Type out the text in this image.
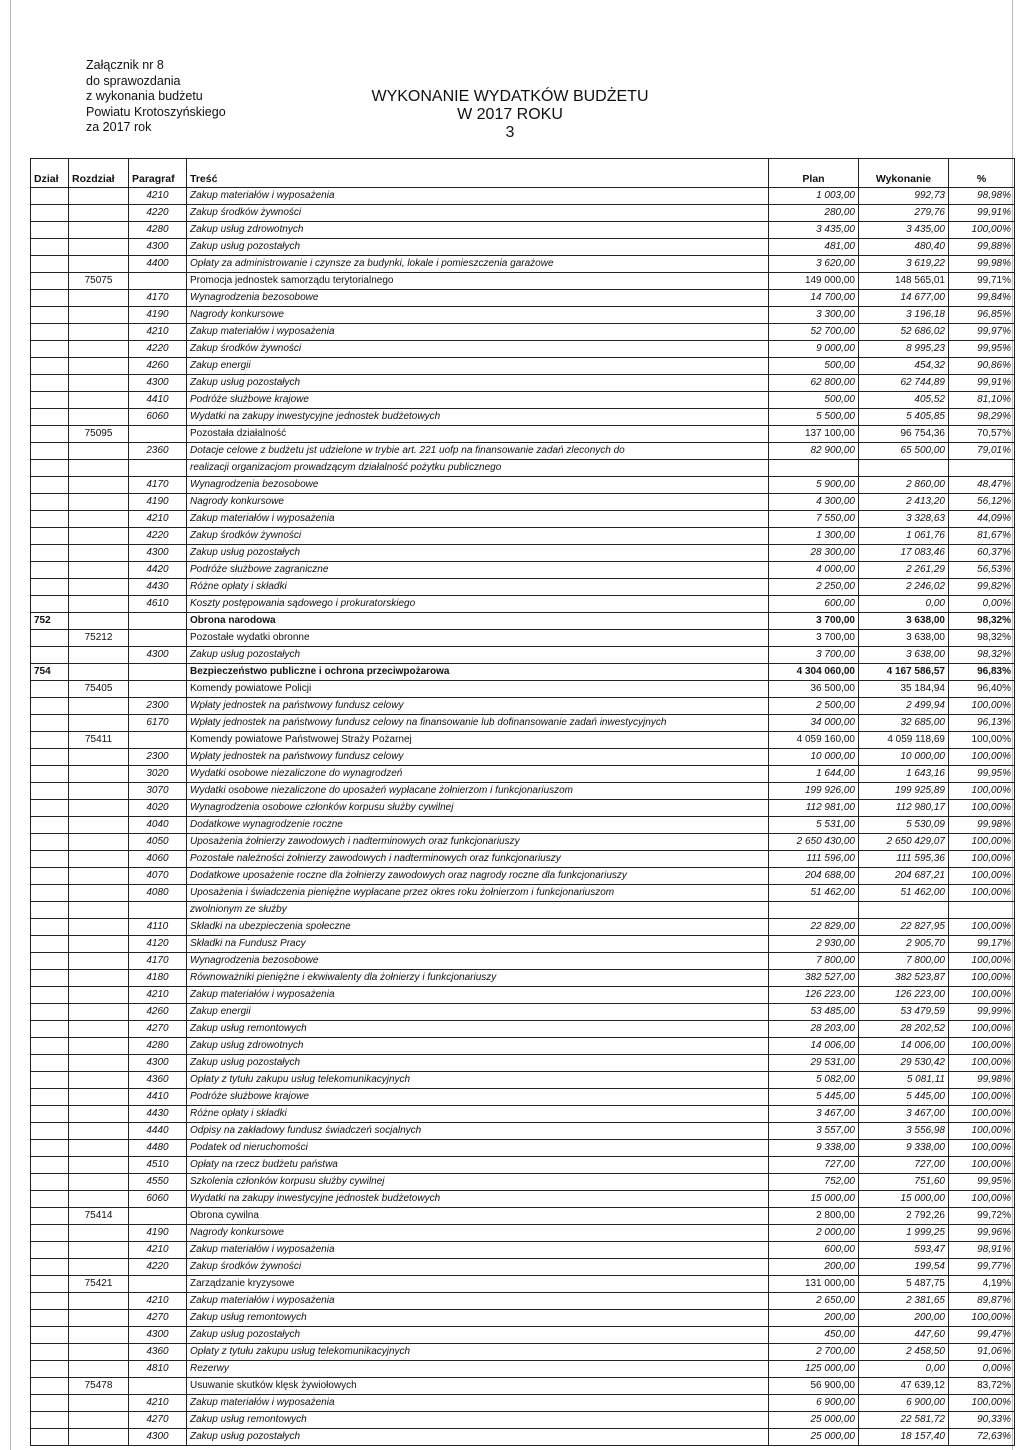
Załącznik nr 8
do sprawozdania
z wykonania budżetu
Powiatu Krotoszyńskiego
za 2017 rok
WYKONANIE WYDATKÓW BUDŻETU
W 2017 ROKU
3
Dział	Rozdział	Paragraf	Treść	Plan	Wykonanie	%
		4210	Zakup materiałów i wyposażenia	1 003,00	992,73	98,98%
		4220	Zakup środków żywności	280,00	279,76	99,91%
		4280	Zakup usług zdrowotnych	3 435,00	3 435,00	100,00%
		4300	Zakup usług pozostałych	481,00	480,40	99,88%
		4400	Opłaty za administrowanie i czynsze za budynki, lokale i pomieszczenia garażowe	3 620,00	3 619,22	99,98%
	75075		Promocja jednostek samorządu terytorialnego	149 000,00	148 565,01	99,71%
		4170	Wynagrodzenia bezosobowe	14 700,00	14 677,00	99,84%
		4190	Nagrody konkursowe	3 300,00	3 196,18	96,85%
		4210	Zakup materiałów i wyposażenia	52 700,00	52 686,02	99,97%
		4220	Zakup środków żywności	9 000,00	8 995,23	99,95%
		4260	Zakup energii	500,00	454,32	90,86%
		4300	Zakup usług pozostałych	62 800,00	62 744,89	99,91%
		4410	Podróże służbowe krajowe	500,00	405,52	81,10%
		6060	Wydatki na zakupy inwestycyjne jednostek budżetowych	5 500,00	5 405,85	98,29%
	75095		Pozostała działalność	137 100,00	96 754,36	70,57%
		2360	Dotacje celowe z budżetu jst udzielone w trybie art. 221 uofp na finansowanie zadań zleconych do	82 900,00	65 500,00	79,01%
			realizacji organizacjom prowadzącym działalność pożytku publicznego			
		4170	Wynagrodzenia bezosobowe	5 900,00	2 860,00	48,47%
		4190	Nagrody konkursowe	4 300,00	2 413,20	56,12%
		4210	Zakup materiałów i wyposażenia	7 550,00	3 328,63	44,09%
		4220	Zakup środków żywności	1 300,00	1 061,76	81,67%
		4300	Zakup usług pozostałych	28 300,00	17 083,46	60,37%
		4420	Podróże służbowe zagraniczne	4 000,00	2 261,29	56,53%
		4430	Różne opłaty i składki	2 250,00	2 246,02	99,82%
		4610	Koszty postępowania sądowego i prokuratorskiego	600,00	0,00	0,00%
752			Obrona narodowa	3 700,00	3 638,00	98,32%
	75212		Pozostałe wydatki obronne	3 700,00	3 638,00	98,32%
		4300	Zakup usług pozostałych	3 700,00	3 638,00	98,32%
754			Bezpieczeństwo publiczne i ochrona przeciwpożarowa	4 304 060,00	4 167 586,57	96,83%
	75405		Komendy powiatowe Policji	36 500,00	35 184,94	96,40%
		2300	Wpłaty jednostek na państwowy fundusz celowy	2 500,00	2 499,94	100,00%
		6170	Wpłaty jednostek na państwowy fundusz celowy na finansowanie lub dofinansowanie zadań inwestycyjnych	34 000,00	32 685,00	96,13%
	75411		Komendy powiatowe Państwowej Straży Pożarnej	4 059 160,00	4 059 118,69	100,00%
		2300	Wpłaty jednostek na państwowy fundusz celowy	10 000,00	10 000,00	100,00%
		3020	Wydatki osobowe niezaliczone do wynagrodzeń	1 644,00	1 643,16	99,95%
		3070	Wydatki osobowe niezaliczone do uposażeń wypłacane żołnierzom i funkcjonariuszom	199 926,00	199 925,89	100,00%
		4020	Wynagrodzenia osobowe członków korpusu służby cywilnej	112 981,00	112 980,17	100,00%
		4040	Dodatkowe wynagrodzenie roczne	5 531,00	5 530,09	99,98%
		4050	Uposażenia żołnierzy zawodowych i nadterminowych oraz funkcjonariuszy	2 650 430,00	2 650 429,07	100,00%
		4060	Pozostałe należności żołnierzy zawodowych i nadterminowych oraz funkcjonariuszy	111 596,00	111 595,36	100,00%
		4070	Dodatkowe uposażenie roczne dla żołnierzy zawodowych oraz nagrody roczne dla funkcjonariuszy	204 688,00	204 687,21	100,00%
		4080	Uposażenia i świadczenia pieniężne wypłacane przez okres roku żołnierzom i funkcjonariuszom	51 462,00	51 462,00	100,00%
			zwolnionym ze służby			
		4110	Składki na ubezpieczenia społeczne	22 829,00	22 827,95	100,00%
		4120	Składki na Fundusz Pracy	2 930,00	2 905,70	99,17%
		4170	Wynagrodzenia bezosobowe	7 800,00	7 800,00	100,00%
		4180	Równoważniki pieniężne i ekwiwalenty dla żołnierzy i funkcjonariuszy	382 527,00	382 523,87	100,00%
		4210	Zakup materiałów i wyposażenia	126 223,00	126 223,00	100,00%
		4260	Zakup energii	53 485,00	53 479,59	99,99%
		4270	Zakup usług remontowych	28 203,00	28 202,52	100,00%
		4280	Zakup usług zdrowotnych	14 006,00	14 006,00	100,00%
		4300	Zakup usług pozostałych	29 531,00	29 530,42	100,00%
		4360	Opłaty z tytułu zakupu usług telekomunikacyjnych	5 082,00	5 081,11	99,98%
		4410	Podróże służbowe krajowe	5 445,00	5 445,00	100,00%
		4430	Różne opłaty i składki	3 467,00	3 467,00	100,00%
		4440	Odpisy na zakładowy fundusz świadczeń socjalnych	3 557,00	3 556,98	100,00%
		4480	Podatek od nieruchomości	9 338,00	9 338,00	100,00%
		4510	Opłaty na rzecz budżetu państwa	727,00	727,00	100,00%
		4550	Szkolenia członków korpusu służby cywilnej	752,00	751,60	99,95%
		6060	Wydatki na zakupy inwestycyjne jednostek budżetowych	15 000,00	15 000,00	100,00%
	75414		Obrona cywilna	2 800,00	2 792,26	99,72%
		4190	Nagrody konkursowe	2 000,00	1 999,25	99,96%
		4210	Zakup materiałów i wyposażenia	600,00	593,47	98,91%
		4220	Zakup środków żywności	200,00	199,54	99,77%
	75421		Zarządzanie kryzysowe	131 000,00	5 487,75	4,19%
		4210	Zakup materiałów i wyposażenia	2 650,00	2 381,65	89,87%
		4270	Zakup usług remontowych	200,00	200,00	100,00%
		4300	Zakup usług pozostałych	450,00	447,60	99,47%
		4360	Opłaty z tytułu zakupu usług telekomunikacyjnych	2 700,00	2 458,50	91,06%
		4810	Rezerwy	125 000,00	0,00	0,00%
	75478		Usuwanie skutków klęsk żywiołowych	56 900,00	47 639,12	83,72%
		4210	Zakup materiałów i wyposażenia	6 900,00	6 900,00	100,00%
		4270	Zakup usług remontowych	25 000,00	22 581,72	90,33%
		4300	Zakup usług pozostałych	25 000,00	18 157,40	72,63%
